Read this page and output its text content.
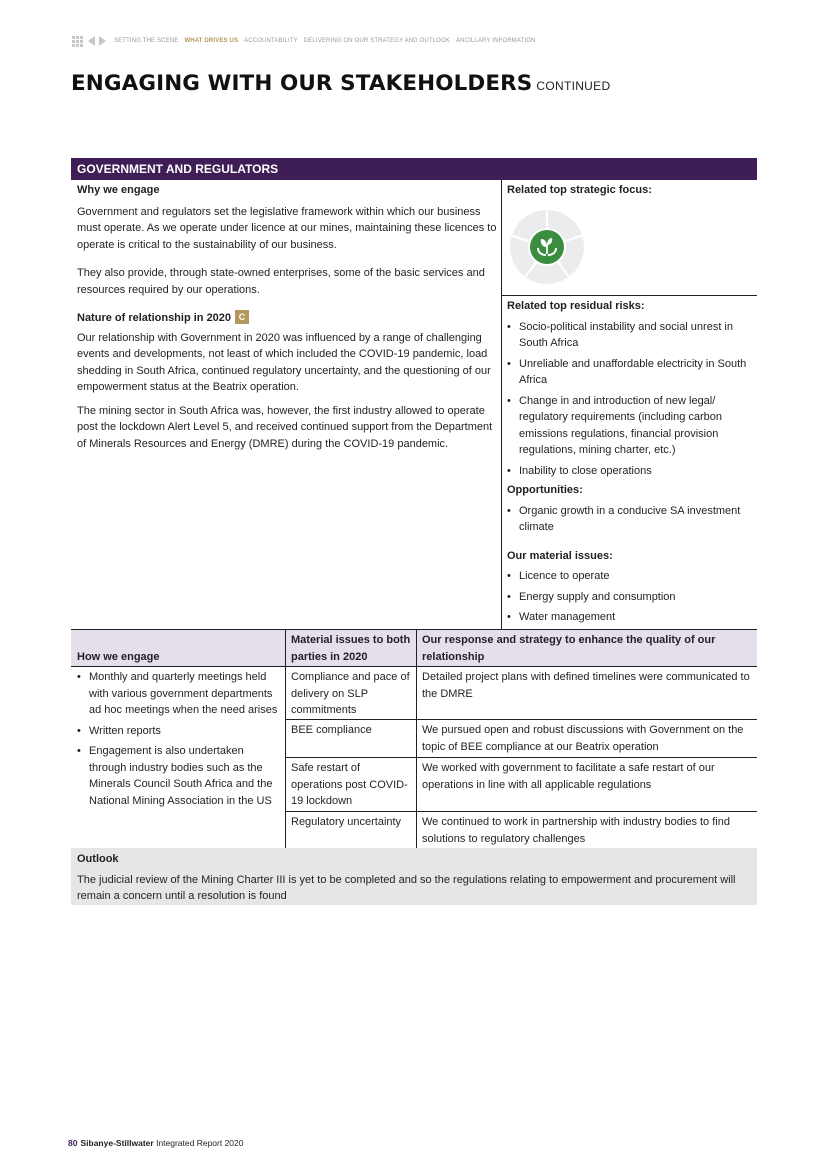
SETTING THE SCENE WHAT DRIVES US ACCOUNTABILITY DELIVERING ON OUR STRATEGY AND OUTLOOK ANCILLARY INFORMATION
ENGAGING WITH OUR STAKEHOLDERS CONTINUED
GOVERNMENT AND REGULATORS
Why we engage

Government and regulators set the legislative framework within which our business must operate. As we operate under licence at our mines, maintaining these licences to operate is critical to the sustainability of our business.

They also provide, through state-owned enterprises, some of the basic services and resources required by our operations.

Nature of relationship in 2020 C

Our relationship with Government in 2020 was influenced by a range of challenging events and developments, not least of which included the COVID-19 pandemic, load shedding in South Africa, continued regulatory uncertainty, and the questioning of our empowerment status at the Beatrix operation.

The mining sector in South Africa was, however, the first industry allowed to operate post the lockdown Alert Level 5, and received continued support from the Department of Minerals Resources and Energy (DMRE) during the COVID-19 pandemic.

Related top strategic focus:
Related top residual risks:
• Socio-political instability and social unrest in South Africa
• Unreliable and unaffordable electricity in South Africa
• Change in and introduction of new legal/ regulatory requirements (including carbon emissions regulations, financial provision regulations, mining charter, etc.)
• Inability to close operations
Opportunities:
• Organic growth in a conducive SA investment climate
Our material issues:
• Licence to operate
• Energy supply and consumption
• Water management
How we engage
Material issues to both parties in 2020
Our response and strategy to enhance the quality of our relationship
• Monthly and quarterly meetings held with various government departments ad hoc meetings when the need arises
• Written reports
• Engagement is also undertaken through industry bodies such as the Minerals Council South Africa and the National Mining Association in the US
Compliance and pace of delivery on SLP commitments
Detailed project plans with defined timelines were communicated to the DMRE
BEE compliance	We pursued open and robust discussions with Government on the topic of BEE compliance at our Beatrix operation
Safe restart of operations post COVID-19 lockdown
We worked with government to facilitate a safe restart of our operations in line with all applicable regulations
Regulatory uncertainty	We continued to work in partnership with industry bodies to find solutions to regulatory challenges
Outlook

The judicial review of the Mining Charter III is yet to be completed and so the regulations relating to empowerment and procurement will remain a concern until a resolution is found

80 Sibanye-Stillwater Integrated Report 2020
